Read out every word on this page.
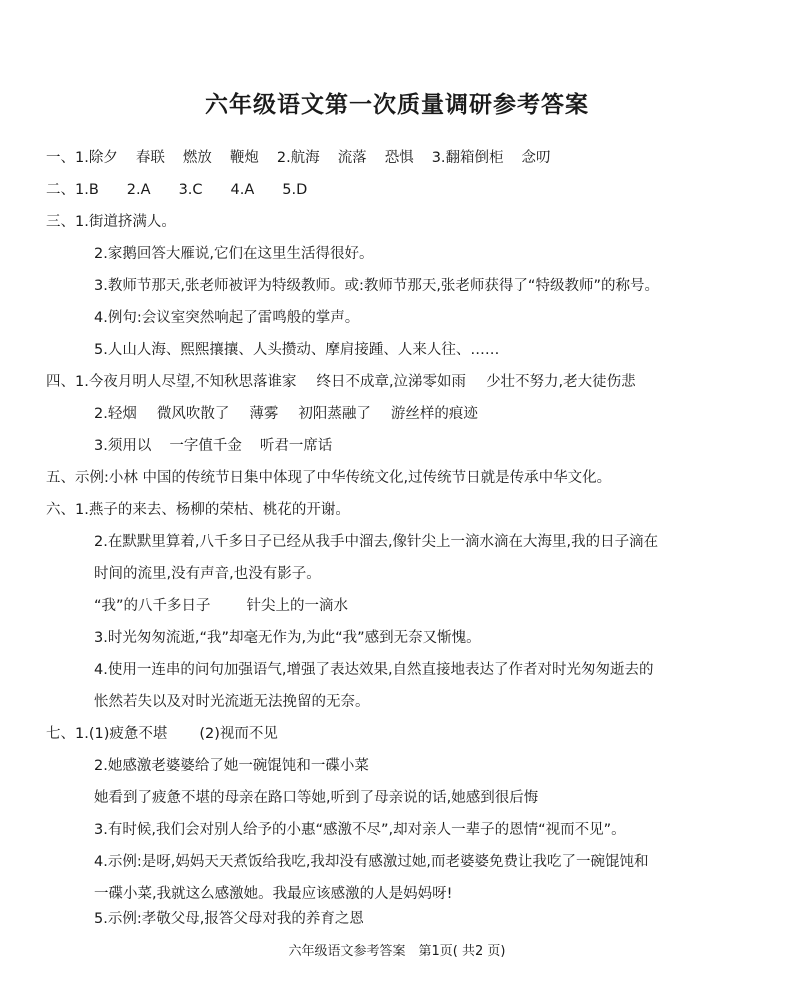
六年级语文第一次质量调研参考答案
一、1.除夕 春联 燃放 鞭炮 2.航海 流落 恐惧 3.翻箱倒柜 念叨
二、1.B 2.A 3.C 4.A 5.D
三、1.街道挤满人。
2.家鹅回答大雁说,它们在这里生活得很好。
3.教师节那天,张老师被评为特级教师。或:教师节那天,张老师获得了“特级教师”的称号。
4.例句:会议室突然响起了雷鸣般的掌声。
5.人山人海、熙熙攘攘、人头攒动、摩肩接踵、人来人往、……
四、1.今夜月明人尽望,不知秋思落谁家 终日不成章,泣涕零如雨 少壮不努力,老大徒伤悲
2.轻烟 微风吹散了 薄雾 初阳蒸融了 游丝样的痕迹
3.须用以 一字值千金 听君一席话
五、示例:小林 中国的传统节日集中体现了中华传统文化,过传统节日就是传承中华文化。
六、1.燕子的来去、杨柳的荣枯、桃花的开谢。
2.在默默里算着,八千多日子已经从我手中溜去,像针尖上一滴水滴在大海里,我的日子滴在
时间的流里,没有声音,也没有影子。
“我”的八千多日子 针尖上的一滴水
3.时光匆匆流逝,“我”却毫无作为,为此“我”感到无奈又惭愧。
4.使用一连串的问句加强语气,增强了表达效果,自然直接地表达了作者对时光匆匆逝去的
怅然若失以及对时光流逝无法挽留的无奈。
七、1.(1)疲惫不堪 (2)视而不见
2.她感激老婆婆给了她一碗馄饨和一碟小菜
她看到了疲惫不堪的母亲在路口等她,听到了母亲说的话,她感到很后悔
3.有时候,我们会对别人给予的小惠“感激不尽”,却对亲人一辈子的恩情“视而不见”。
4.示例:是呀,妈妈天天煮饭给我吃,我却没有感激过她,而老婆婆免费让我吃了一碗馄饨和
一碟小菜,我就这么感激她。我最应该感激的人是妈妈呀!
5.示例:孝敬父母,报答父母对我的养育之恩
六年级语文参考答案　第1页( 共2 页)
